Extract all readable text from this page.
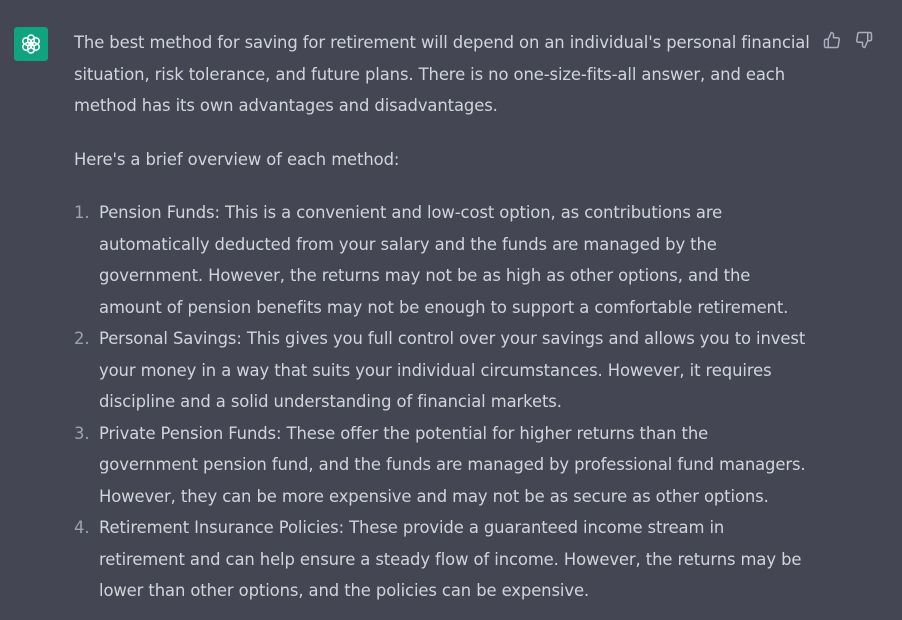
The best method for saving for retirement will depend on an individual's personal financial situation, risk tolerance, and future plans. There is no one-size-fits-all answer, and each method has its own advantages and disadvantages.

Here's a brief overview of each method:

1. Pension Funds: This is a convenient and low-cost option, as contributions are automatically deducted from your salary and the funds are managed by the government. However, the returns may not be as high as other options, and the amount of pension benefits may not be enough to support a comfortable retirement.
2. Personal Savings: This gives you full control over your savings and allows you to invest your money in a way that suits your individual circumstances. However, it requires discipline and a solid understanding of financial markets.
3. Private Pension Funds: These offer the potential for higher returns than the government pension fund, and the funds are managed by professional fund managers. However, they can be more expensive and may not be as secure as other options.
4. Retirement Insurance Policies: These provide a guaranteed income stream in retirement and can help ensure a steady flow of income. However, the returns may be lower than other options, and the policies can be expensive.
